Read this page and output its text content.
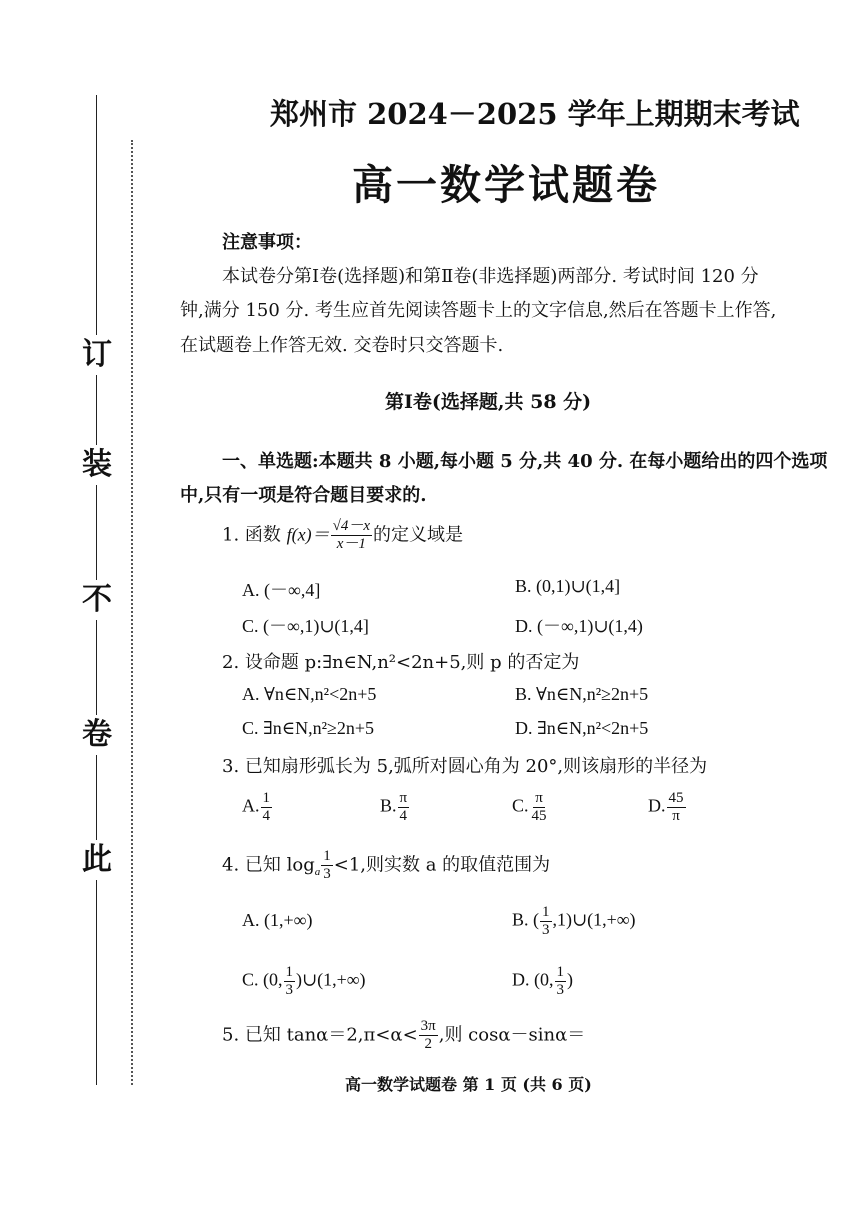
订
装
不
卷
此
郑州市 2024－2025 学年上期期末考试
高一数学试题卷
注意事项：
本试卷分第Ⅰ卷(选择题)和第Ⅱ卷(非选择题)两部分. 考试时间 120 分
钟,满分 150 分. 考生应首先阅读答题卡上的文字信息,然后在答题卡上作答,
在试题卷上作答无效. 交卷时只交答题卡.
第Ⅰ卷(选择题,共 58 分)
一、单选题:本题共 8 小题,每小题 5 分,共 40 分. 在每小题给出的四个选项
中,只有一项是符合题目要求的.
1. 函数 $f(x)= \frac{√4-x}{x-1}$ 的定义域是
A. (－∞,4]	B. (0,1)∪(1,4]
C. (－∞,1)∪(1,4]	D. (－∞,1)∪(1,4)
2. 设命题 p:∃n∈N,n²<2n+5,则 p 的否定为
A. ∀n∈N,n²<2n+5	B. ∀n∈N,n²≥2n+5
C. ∃n∈N,n²≥2n+5	D. ∃n∈N,n²<2n+5
3. 已知扇形弧长为 5,弧所对圆心角为 20°,则该扇形的半径为
A. $\frac{1}{4}$	B. $\frac{\pi}{4}$	C. $\frac{\pi}{45}$	D. $\frac{45}{\pi}$
4. 已知 $\log_a \frac{1}{3} <1$,则实数 a 的取值范围为
A. (1,+∞)	B. ( $\frac{1}{3}$ ,1)∪(1,+∞)
C. (0, $\frac{1}{3}$ )∪(1,+∞)	D. (0, $\frac{1}{3}$ )
5. 已知 $\tan\alpha=2,\pi<\alpha< \frac{3\pi}{2}$ ,则 cosα－sinα＝
高一数学试题卷 第 1 页 (共 6 页)
